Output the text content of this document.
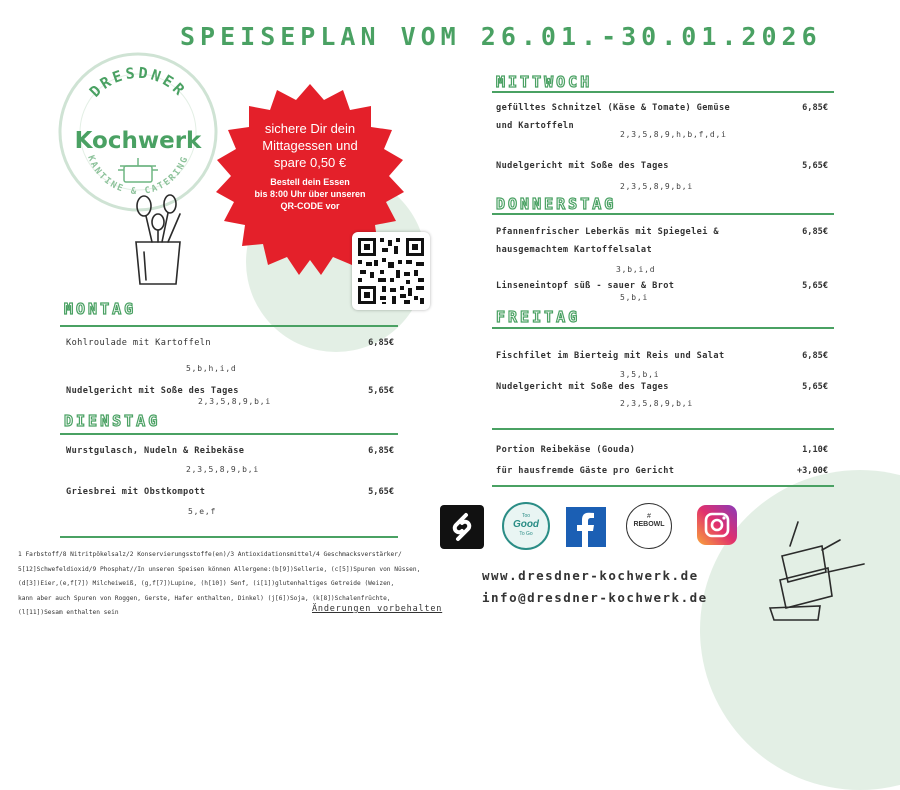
SPEISEPLAN VOM 26.01.-30.01.2026
DRESDNER
KANTINE & CATERING
Kochwerk	sichere Dir dein
Mittagessen und
spare 0,50 €
Bestell dein Essen
bis 8:00 Uhr über unseren
QR-CODE vor
MONTAG
Kohlroulade mit Kartoffeln	6,85€
5,b,h,i,d
Nudelgericht mit Soße des Tages	5,65€
2,3,5,8,9,b,i
DIENSTAG
Wurstgulasch, Nudeln & Reibekäse	6,85€
2,3,5,8,9,b,i
Griesbrei mit Obstkompott	5,65€
5,e,f
MITTWOCH
gefülltes Schnitzel (Käse & Tomate) Gemüse
und Kartoffeln
6,85€
2,3,5,8,9,h,b,f,d,i
Nudelgericht mit Soße des Tages	5,65€
2,3,5,8,9,b,i
DONNERSTAG
Pfannenfrischer Leberkäs mit Spiegelei &
hausgemachtem Kartoffelsalat
6,85€
3,b,i,d
Linseneintopf süß - sauer & Brot	5,65€
5,b,i
FREITAG
Fischfilet im Bierteig mit Reis und Salat	6,85€
3,5,b,i
Nudelgericht mit Soße des Tages	5,65€
2,3,5,8,9,b,i
Portion Reibekäse (Gouda)	1,10€
für hausfremde Gäste pro Gericht	+3,00€
Too
Good
To Go
#
REBOWL
1 Farbstoff/8 Nitritpökelsalz/2 Konservierungsstoffe(en)/3 Antioxidationsmittel/4 Geschmacksverstärker/
5[12]Schwefeldioxid/9 Phosphat//In unseren Speisen können Allergene:(b[9])Sellerie, (c[5])Spuren von Nüssen,
(d[3])Eier,(e,f[7]) Milcheiweiß, (g,f[7])Lupine, (h[10]) Senf, (i[1])glutenhaltiges Getreide (Weizen,
kann aber auch Spuren von Roggen, Gerste, Hafer enthalten, Dinkel) (j[6])Soja, (k[8])Schalenfrüchte,
(l[11])Sesam enthalten sein	Änderungen vorbehalten
www.dresdner-kochwerk.de
info@dresdner-kochwerk.de
